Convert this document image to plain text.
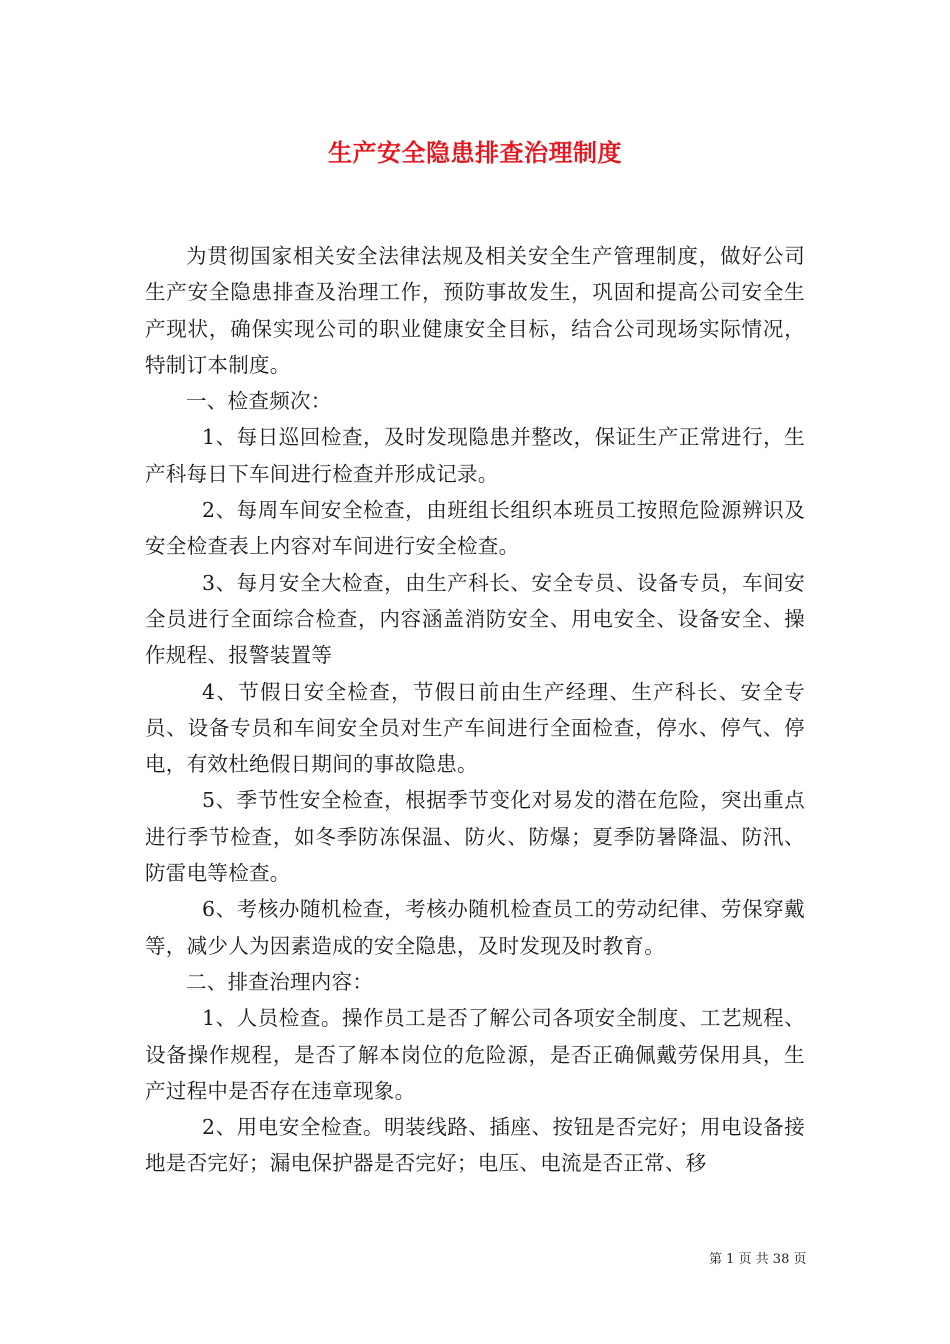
生产安全隐患排查治理制度

为贯彻国家相关安全法律法规及相关安全生产管理制度，做好公司生产安全隐患排查及治理工作，预防事故发生，巩固和提高公司安全生产现状，确保实现公司的职业健康安全目标，结合公司现场实际情况，特制订本制度。

一、检查频次：

1、每日巡回检查，及时发现隐患并整改，保证生产正常进行，生产科每日下车间进行检查并形成记录。

2、每周车间安全检查，由班组长组织本班员工按照危险源辨识及安全检查表上内容对车间进行安全检查。

3、每月安全大检查，由生产科长、安全专员、设备专员，车间安全员进行全面综合检查，内容涵盖消防安全、用电安全、设备安全、操作规程、报警装置等

4、节假日安全检查，节假日前由生产经理、生产科长、安全专员、设备专员和车间安全员对生产车间进行全面检查，停水、停气、停电，有效杜绝假日期间的事故隐患。

5、季节性安全检查，根据季节变化对易发的潜在危险，突出重点进行季节检查，如冬季防冻保温、防火、防爆；夏季防暑降温、防汛、防雷电等检查。

6、考核办随机检查，考核办随机检查员工的劳动纪律、劳保穿戴等，减少人为因素造成的安全隐患，及时发现及时教育。

二、排查治理内容：

1、人员检查。操作员工是否了解公司各项安全制度、工艺规程、设备操作规程，是否了解本岗位的危险源，是否正确佩戴劳保用具，生产过程中是否存在违章现象。

2、用电安全检查。明装线路、插座、按钮是否完好；用电设备接地是否完好；漏电保护器是否完好；电压、电流是否正常、移

第 1 页 共 38 页
